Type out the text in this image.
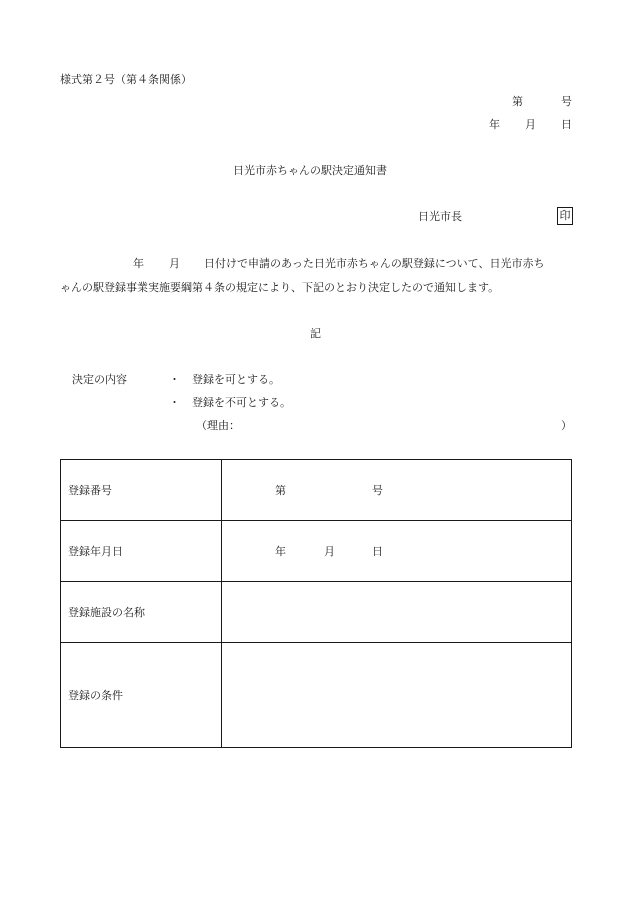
様式第２号（第４条関係）
第	号
年 月 日
日光市赤ちゃんの駅決定通知書
日光市長	印
年 月 日付けで申請のあった日光市赤ちゃんの駅登録について、日光市赤ち
ゃんの駅登録事業実施要綱第４条の規定により、下記のとおり決定したので通知します。
記
決定の内容	・ 登録を可とする。
・ 登録を不可とする。
（理由：	）
登録番号	第 号

登録年月日	年 月 日

登録施設の名称	
登録の条件	
